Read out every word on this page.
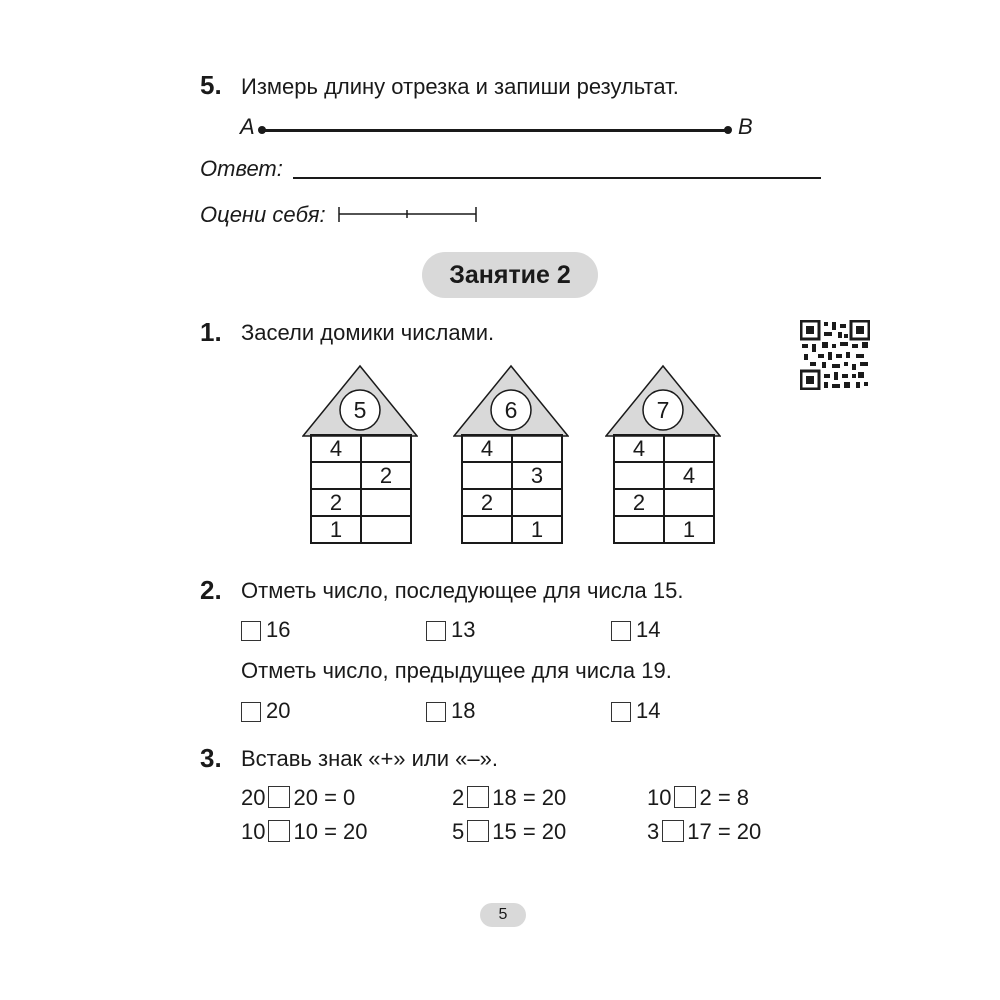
5. Измерь длину отрезка и запиши результат.
A	B
Ответ:
Оцени себя:
Занятие 2
1. Засели домики числами.
5
4	
	2
2	
1	
6
4	
	3
2	
	1
7
4	
	4
2	
	1
2. Отметь число, последующее для числа 15.
16	13	14
Отметь число, предыдущее для числа 19.
20	18	14
3. Вставь знак «+» или «–».
20 20 = 0	2 18 = 20	10 2 = 8
10 10 = 20	5 15 = 20	3 17 = 20
5
